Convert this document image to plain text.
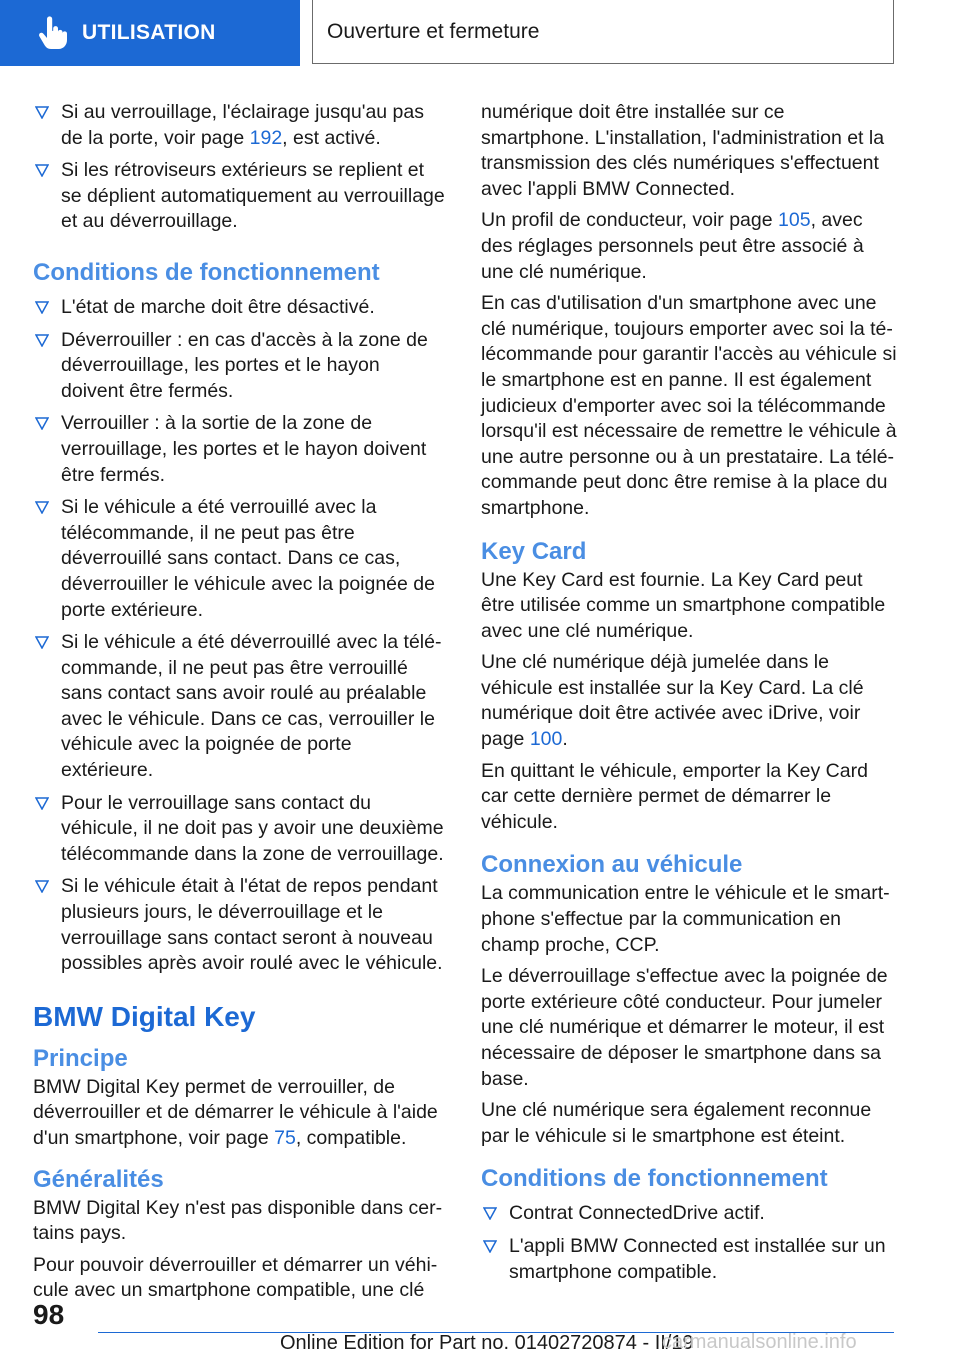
UTILISATION	Ouverture et fermeture
Si au verrouillage, l'éclairage jusqu'au pas de la porte, voir page 192, est activé.
Si les rétroviseurs extérieurs se replient et se déplient automatiquement au verrouillage et au déverrouillage.
Conditions de fonctionnement
L'état de marche doit être désactivé.
Déverrouiller : en cas d'accès à la zone de déverrouillage, les portes et le hayon doivent être fermés.
Verrouiller : à la sortie de la zone de verrouillage, les portes et le hayon doivent être fermés.
Si le véhicule a été verrouillé avec la télécommande, il ne peut pas être déverrouillé sans contact. Dans ce cas, déverrouiller le véhicule avec la poignée de porte extérieure.
Si le véhicule a été déverrouillé avec la télécommande, il ne peut pas être verrouillé sans contact sans avoir roulé au préalable avec le véhicule. Dans ce cas, verrouiller le véhicule avec la poignée de porte extérieure.
Pour le verrouillage sans contact du véhicule, il ne doit pas y avoir une deuxième télécommande dans la zone de verrouillage.
Si le véhicule était à l'état de repos pendant plusieurs jours, le déverrouillage et le verrouillage sans contact seront à nouveau possibles après avoir roulé avec le véhicule.
BMW Digital Key
Principe

BMW Digital Key permet de verrouiller, de déverrouiller et de démarrer le véhicule à l'aide d'un smartphone, voir page 75, compatible.

Généralités

BMW Digital Key n'est pas disponible dans certains pays.

Pour pouvoir déverrouiller et démarrer un véhicule avec un smartphone compatible, une clé

numérique doit être installée sur ce smartphone. L'installation, l'administration et la transmission des clés numériques s'effectuent avec l'appli BMW Connected.

Un profil de conducteur, voir page 105, avec des réglages personnels peut être associé à une clé numérique.

En cas d'utilisation d'un smartphone avec une clé numérique, toujours emporter avec soi la télécommande pour garantir l'accès au véhicule si le smartphone est en panne. Il est également judicieux d'emporter avec soi la télécommande lorsqu'il est nécessaire de remettre le véhicule à une autre personne ou à un prestataire. La télécommande peut donc être remise à la place du smartphone.

Key Card

Une Key Card est fournie. La Key Card peut être utilisée comme un smartphone compatible avec une clé numérique.

Une clé numérique déjà jumelée dans le véhicule est installée sur la Key Card. La clé numérique doit être activée avec iDrive, voir page 100.

En quittant le véhicule, emporter la Key Card car cette dernière permet de démarrer le véhicule.

Connexion au véhicule

La communication entre le véhicule et le smartphone s'effectue par la communication en champ proche, CCP.

Le déverrouillage s'effectue avec la poignée de porte extérieure côté conducteur. Pour jumeler une clé numérique et démarrer le moteur, il est nécessaire de déposer le smartphone dans sa base.

Une clé numérique sera également reconnue par le véhicule si le smartphone est éteint.

Conditions de fonctionnement
Contrat ConnectedDrive actif.
L'appli BMW Connected est installée sur un smartphone compatible.
98
Online Edition for Part no. 01402720874 - II/19
carmanualsonline.info
